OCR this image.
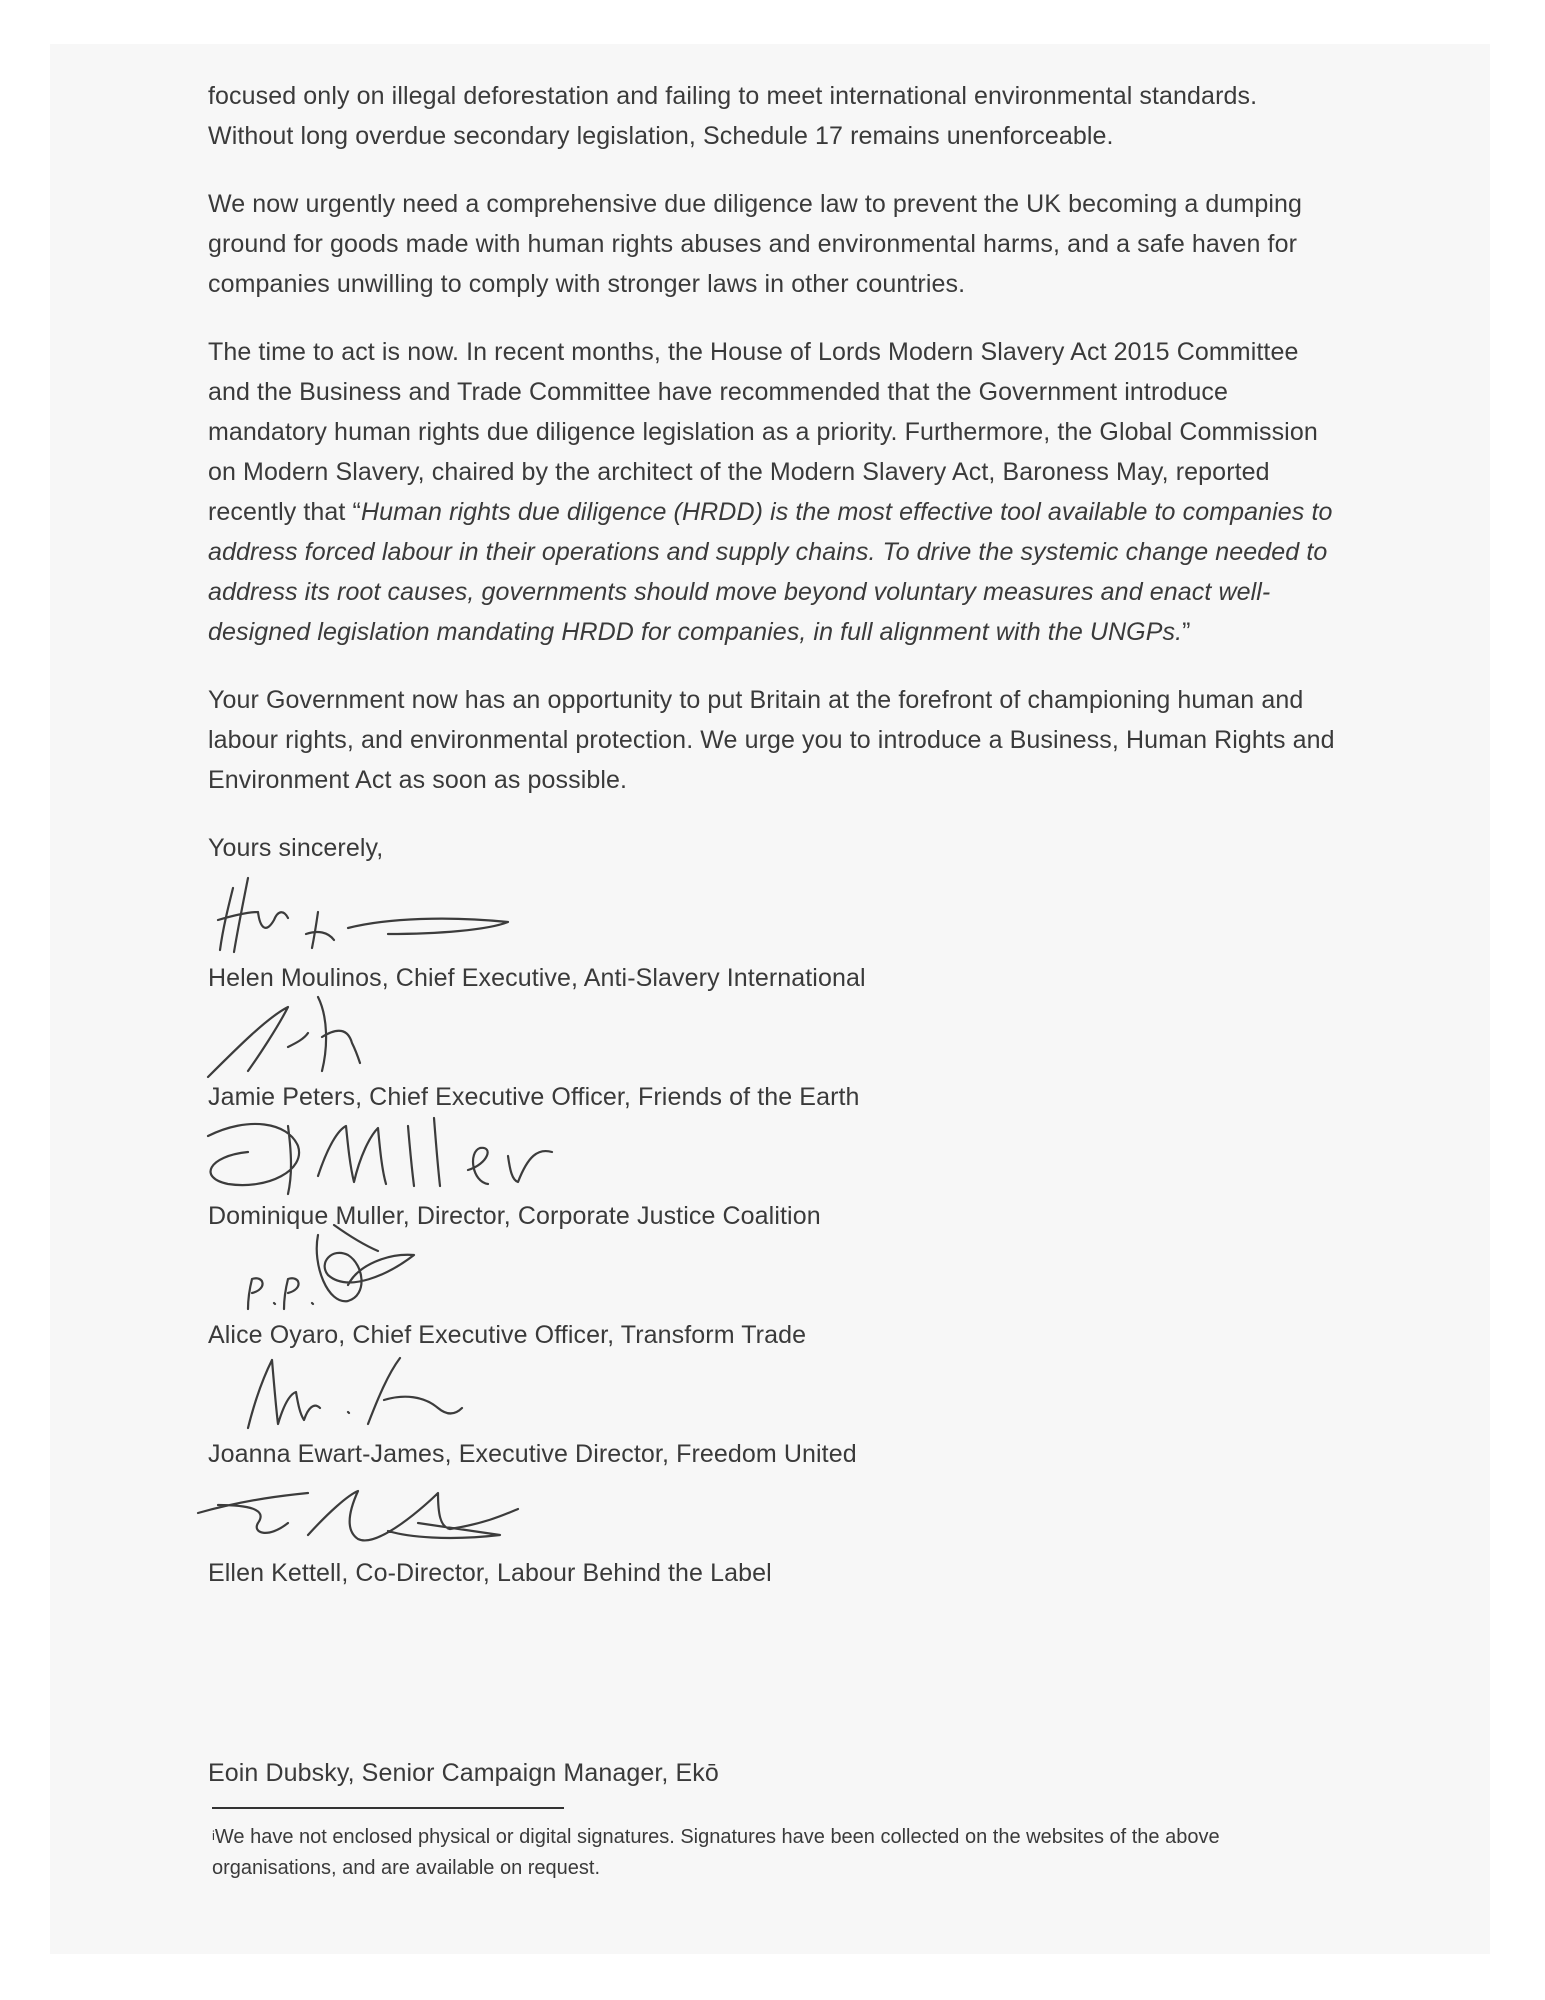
focused only on illegal deforestation and failing to meet international environmental standards. Without long overdue secondary legislation, Schedule 17 remains unenforceable.

We now urgently need a comprehensive due diligence law to prevent the UK becoming a dumping ground for goods made with human rights abuses and environmental harms, and a safe haven for companies unwilling to comply with stronger laws in other countries.

The time to act is now. In recent months, the House of Lords Modern Slavery Act 2015 Committee and the Business and Trade Committee have recommended that the Government introduce mandatory human rights due diligence legislation as a priority. Furthermore, the Global Commission on Modern Slavery, chaired by the architect of the Modern Slavery Act, Baroness May, reported recently that “Human rights due diligence (HRDD) is the most effective tool available to companies to address forced labour in their operations and supply chains. To drive the systemic change needed to address its root causes, governments should move beyond voluntary measures and enact well-designed legislation mandating HRDD for companies, in full alignment with the UNGPs.”

Your Government now has an opportunity to put Britain at the forefront of championing human and labour rights, and environmental protection. We urge you to introduce a Business, Human Rights and Environment Act as soon as possible.

Yours sincerely,
Helen Moulinos, Chief Executive, Anti-Slavery International
Jamie Peters, Chief Executive Officer, Friends of the Earth
Dominique Muller, Director, Corporate Justice Coalition
Alice Oyaro, Chief Executive Officer, Transform Trade
Joanna Ewart-James, Executive Director, Freedom United
Ellen Kettell, Co-Director, Labour Behind the Label
Eoin Dubsky, Senior Campaign Manager, Ekō
$^i$We have not enclosed physical or digital signatures. Signatures have been collected on the websites of the above organisations, and are available on request.
